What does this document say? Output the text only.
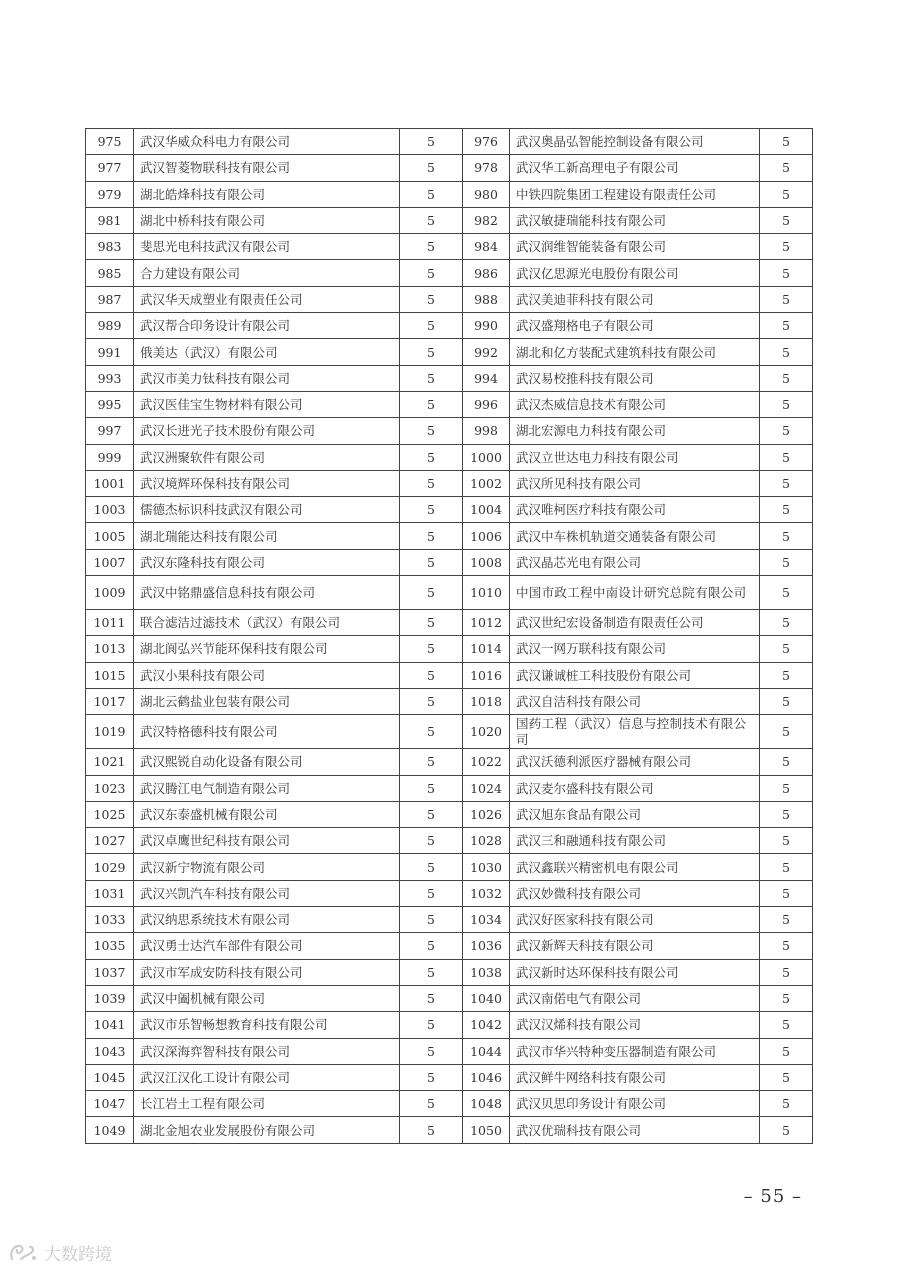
975	武汉华威众科电力有限公司	5	976	武汉奥晶弘智能控制设备有限公司	5
977	武汉智菱物联科技有限公司	5	978	武汉华工新高理电子有限公司	5
979	湖北皓烽科技有限公司	5	980	中铁四院集团工程建设有限责任公司	5
981	湖北中桥科技有限公司	5	982	武汉敏捷瑞能科技有限公司	5
983	斐思光电科技武汉有限公司	5	984	武汉润维智能装备有限公司	5
985	合力建设有限公司	5	986	武汉亿思源光电股份有限公司	5
987	武汉华天成塑业有限责任公司	5	988	武汉美迪菲科技有限公司	5
989	武汉帮合印务设计有限公司	5	990	武汉盛翔格电子有限公司	5
991	俄美达（武汉）有限公司	5	992	湖北和亿方装配式建筑科技有限公司	5
993	武汉市美力钛科技有限公司	5	994	武汉易校推科技有限公司	5
995	武汉医佳宝生物材料有限公司	5	996	武汉杰威信息技术有限公司	5
997	武汉长进光子技术股份有限公司	5	998	湖北宏源电力科技有限公司	5
999	武汉洲聚软件有限公司	5	1000	武汉立世达电力科技有限公司	5
1001	武汉境辉环保科技有限公司	5	1002	武汉所见科技有限公司	5
1003	儒德杰标识科技武汉有限公司	5	1004	武汉唯柯医疗科技有限公司	5
1005	湖北瑞能达科技有限公司	5	1006	武汉中车株机轨道交通装备有限公司	5
1007	武汉东隆科技有限公司	5	1008	武汉晶芯光电有限公司	5
1009	武汉中铭鼎盛信息科技有限公司	5	1010	中国市政工程中南设计研究总院有限公司	5
1011	联合滤洁过滤技术（武汉）有限公司	5	1012	武汉世纪宏设备制造有限责任公司	5
1013	湖北阆弘兴节能环保科技有限公司	5	1014	武汉一网万联科技有限公司	5
1015	武汉小果科技有限公司	5	1016	武汉谦诚桩工科技股份有限公司	5
1017	湖北云鹤盐业包装有限公司	5	1018	武汉自洁科技有限公司	5
1019	武汉特格德科技有限公司	5	1020	国药工程（武汉）信息与控制技术有限公司	5
1021	武汉熙锐自动化设备有限公司	5	1022	武汉沃德利派医疗器械有限公司	5
1023	武汉腾江电气制造有限公司	5	1024	武汉麦尔盛科技有限公司	5
1025	武汉东泰盛机械有限公司	5	1026	武汉旭东食品有限公司	5
1027	武汉卓鹰世纪科技有限公司	5	1028	武汉三和融通科技有限公司	5
1029	武汉新宁物流有限公司	5	1030	武汉鑫联兴精密机电有限公司	5
1031	武汉兴凯汽车科技有限公司	5	1032	武汉妙微科技有限公司	5
1033	武汉纳思系统技术有限公司	5	1034	武汉好医家科技有限公司	5
1035	武汉勇士达汽车部件有限公司	5	1036	武汉新辉天科技有限公司	5
1037	武汉市军成安防科技有限公司	5	1038	武汉新时达环保科技有限公司	5
1039	武汉中阖机械有限公司	5	1040	武汉南偌电气有限公司	5
1041	武汉市乐智畅想教育科技有限公司	5	1042	武汉汉烯科技有限公司	5
1043	武汉深海弈智科技有限公司	5	1044	武汉市华兴特种变压器制造有限公司	5
1045	武汉江汉化工设计有限公司	5	1046	武汉鲜牛网络科技有限公司	5
1047	长江岩土工程有限公司	5	1048	武汉贝思印务设计有限公司	5
1049	湖北金旭农业发展股份有限公司	5	1050	武汉优瑞科技有限公司	5
– 55 –
大数跨境
